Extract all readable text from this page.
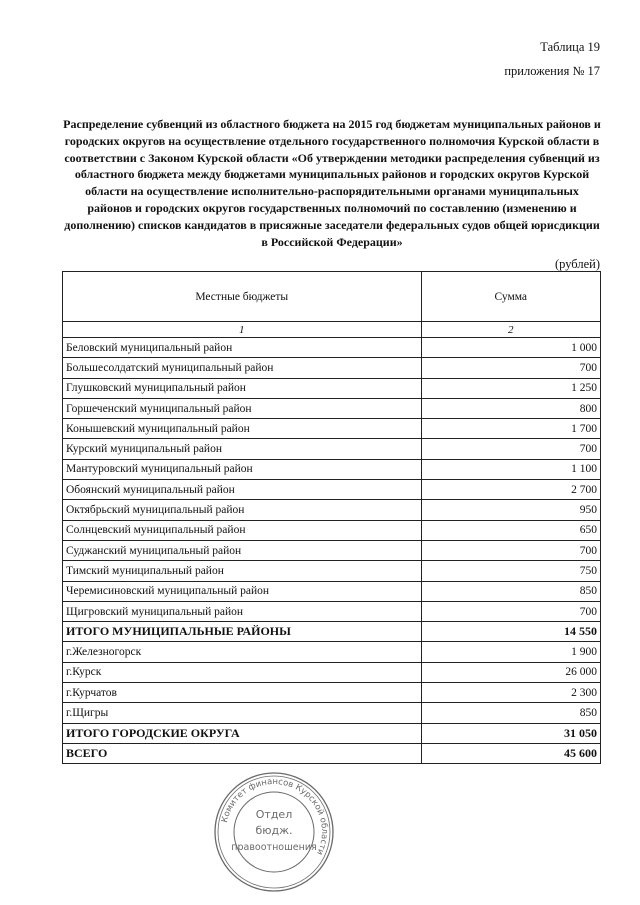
Таблица 19
приложения № 17
Распределение субвенций из областного бюджета на 2015 год бюджетам муниципальных районов и городских округов на осуществление отдельного государственного полномочия Курской области в соответствии с Законом Курской области «Об утверждении методики распределения субвенций из областного бюджета между бюджетами муниципальных районов и городских округов Курской области на осуществление исполнительно-распорядительными органами муниципальных районов и городских округов государственных полномочий по составлению (изменению и дополнению) списков кандидатов в присяжные заседатели федеральных судов общей юрисдикции в Российской Федерации»
(рублей)
Местные бюджеты	Сумма
1	2
Беловский муниципальный район	1 000
Большесолдатский муниципальный район	700
Глушковский муниципальный район	1 250
Горшеченский муниципальный район	800
Конышевский муниципальный район	1 700
Курский муниципальный район	700
Мантуровский муниципальный район	1 100
Обоянский муниципальный район	2 700
Октябрьский муниципальный район	950
Солнцевский муниципальный район	650
Суджанский муниципальный район	700
Тимский муниципальный район	750
Черемисиновский муниципальный район	850
Щигровский муниципальный район	700
ИТОГО МУНИЦИПАЛЬНЫЕ РАЙОНЫ	14 550
г.Железногорск	1 900
г.Курск	26 000
г.Курчатов	2 300
г.Щигры	850
ИТОГО ГОРОДСКИЕ ОКРУГА	31 050
ВСЕГО	45 600
Комитет финансов Курской области
Отдел
бюдж.
правоотношения
